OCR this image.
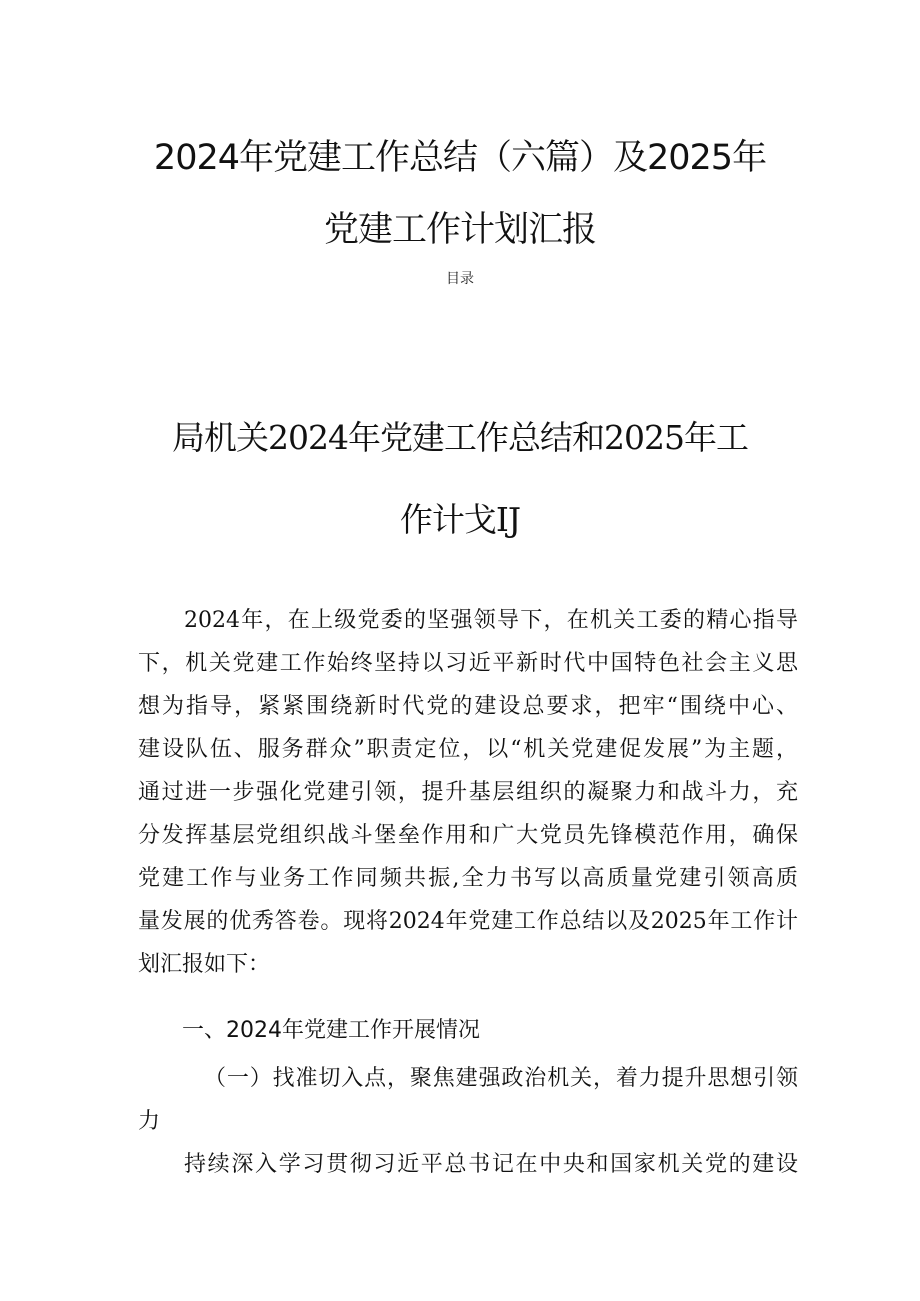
2024年党建工作总结（六篇）及2025年
党建工作计划汇报
目录
局机关2024年党建工作总结和2025年工
作计戈IJ
2024年，在上级党委的坚强领导下，在机关工委的精心指导
下，机关党建工作始终坚持以习近平新时代中国特色社会主义思
想为指导，紧紧围绕新时代党的建设总要求，把牢“围绕中心、
建设队伍、服务群众”职责定位，以“机关党建促发展”为主题，
通过进一步强化党建引领，提升基层组织的凝聚力和战斗力，充
分发挥基层党组织战斗堡垒作用和广大党员先锋模范作用，确保
党建工作与业务工作同频共振,全力书写以高质量党建引领高质
量发展的优秀答卷。现将2024年党建工作总结以及2025年工作计
划汇报如下：
一、2024年党建工作开展情况
（一）找准切入点，聚焦建强政治机关，着力提升思想引领
力
持续深入学习贯彻习近平总书记在中央和国家机关党的建设
